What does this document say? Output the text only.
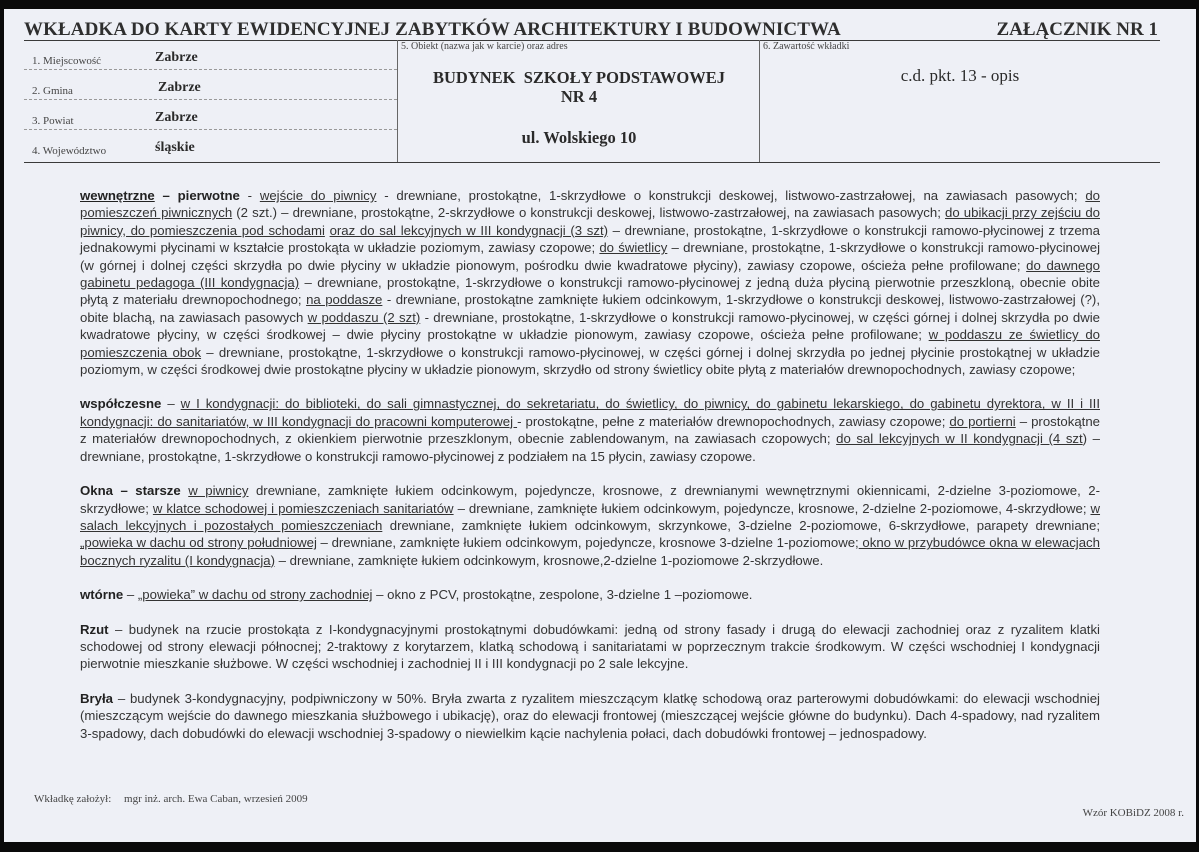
WKŁADKA DO KARTY EWIDENCYJNEJ ZABYTKÓW ARCHITEKTURY I BUDOWNICTWA	ZAŁĄCZNIK NR 1
1. Miejscowość	Zabrze
2. Gmina	Zabrze
3. Powiat	Zabrze
4. Województwo	śląskie
5. Obiekt (nazwa jak w karcie) oraz adres
BUDYNEK  SZKOŁY PODSTAWOWEJ
NR 4
ul. Wolskiego 10
6. Zawartość wkładki
c.d. pkt. 13 - opis

wewnętrzne – pierwotne - wejście do piwnicy - drewniane, prostokątne, 1-skrzydłowe o konstrukcji deskowej, listwowo-zastrzałowej, na zawiasach pasowych; do pomieszczeń piwnicznych (2 szt.) – drewniane, prostokątne, 2-skrzydłowe o konstrukcji deskowej, listwowo-zastrzałowej, na zawiasach pasowych; do ubikacji przy zejściu do piwnicy, do pomieszczenia pod schodami oraz do sal lekcyjnych w III kondygnacji (3 szt) – drewniane, prostokątne, 1-skrzydłowe o konstrukcji ramowo-płycinowej z trzema jednakowymi płycinami w kształcie prostokąta w układzie poziomym, zawiasy czopowe; do świetlicy – drewniane, prostokątne, 1-skrzydłowe o konstrukcji ramowo-płycinowej (w górnej i dolnej części skrzydła po dwie płyciny w układzie pionowym, pośrodku dwie kwadratowe płyciny), zawiasy czopowe, ościeża pełne profilowane; do dawnego gabinetu pedagoga (III kondygnacja) – drewniane, prostokątne, 1-skrzydłowe o konstrukcji ramowo-płycinowej z jedną duża płyciną pierwotnie przeszkloną, obecnie obite płytą z materiału drewnopochodnego; na poddasze - drewniane, prostokątne zamknięte łukiem odcinkowym, 1-skrzydłowe o konstrukcji deskowej, listwowo-zastrzałowej (?), obite blachą, na zawiasach pasowych w poddaszu (2 szt) - drewniane, prostokątne, 1-skrzydłowe o konstrukcji ramowo-płycinowej, w części górnej i dolnej skrzydła po dwie kwadratowe płyciny, w części środkowej – dwie płyciny prostokątne w układzie pionowym, zawiasy czopowe, ościeża pełne profilowane; w poddaszu ze świetlicy do pomieszczenia obok – drewniane, prostokątne, 1-skrzydłowe o konstrukcji ramowo-płycinowej, w części górnej i dolnej skrzydła po jednej płycinie prostokątnej w układzie poziomym, w części środkowej dwie prostokątne płyciny w układzie pionowym, skrzydło od strony świetlicy obite płytą z materiałów drewnopochodnych, zawiasy czopowe;

współczesne – w I kondygnacji: do biblioteki, do sali gimnastycznej, do sekretariatu, do świetlicy, do piwnicy, do gabinetu lekarskiego, do gabinetu dyrektora, w II i III kondygnacji: do sanitariatów, w III kondygnacji do pracowni komputerowej - prostokątne, pełne z materiałów drewnopochodnych, zawiasy czopowe; do portierni – prostokątne z materiałów drewnopochodnych, z okienkiem pierwotnie przeszklonym, obecnie zablendowanym, na zawiasach czopowych; do sal lekcyjnych w II kondygnacji (4 szt) – drewniane, prostokątne, 1-skrzydłowe o konstrukcji ramowo-płycinowej z podziałem na 15 płycin, zawiasy czopowe.

Okna – starsze w piwnicy drewniane, zamknięte łukiem odcinkowym, pojedyncze, krosnowe, z drewnianymi wewnętrznymi okiennicami, 2-dzielne 3-poziomowe, 2-skrzydłowe; w klatce schodowej i pomieszczeniach sanitariatów – drewniane, zamknięte łukiem odcinkowym, pojedyncze, krosnowe, 2-dzielne 2-poziomowe, 4-skrzydłowe; w salach lekcyjnych i pozostałych pomieszczeniach drewniane, zamknięte łukiem odcinkowym, skrzynkowe, 3-dzielne 2-poziomowe, 6-skrzydłowe, parapety drewniane; „powieka w dachu od strony południowej – drewniane, zamknięte łukiem odcinkowym, pojedyncze, krosnowe 3-dzielne 1-poziomowe; okno w przybudówce okna w elewacjach bocznych ryzalitu (I kondygnacja) – drewniane, zamknięte łukiem odcinkowym, krosnowe,2-dzielne 1-poziomowe 2-skrzydłowe.

wtórne – „powieka” w dachu od strony zachodniej – okno z PCV, prostokątne, zespolone, 3-dzielne 1 –poziomowe.

Rzut – budynek na rzucie prostokąta z I-kondygnacyjnymi prostokątnymi dobudówkami: jedną od strony fasady i drugą do elewacji zachodniej oraz z ryzalitem klatki schodowej od strony elewacji północnej; 2-traktowy z korytarzem, klatką schodową i sanitariatami w poprzecznym trakcie środkowym. W części wschodniej I kondygnacji pierwotnie mieszkanie służbowe. W części wschodniej i zachodniej II i III kondygnacji po 2 sale lekcyjne.

Bryła – budynek 3-kondygnacyjny, podpiwniczony w 50%. Bryła zwarta z ryzalitem mieszczącym klatkę schodową oraz parterowymi dobudówkami: do elewacji wschodniej (mieszczącym wejście do dawnego mieszkania służbowego i ubikację), oraz do elewacji frontowej (mieszczącej wejście główne do budynku). Dach 4-spadowy, nad ryzalitem 3-spadowy, dach dobudówki do elewacji wschodniej 3-spadowy o niewielkim kącie nachylenia połaci, dach dobudówki frontowej – jednospadowy.

Wkładkę założył: mgr inż. arch. Ewa Caban, wrzesień 2009
Wzór KOBiDZ 2008 r.
